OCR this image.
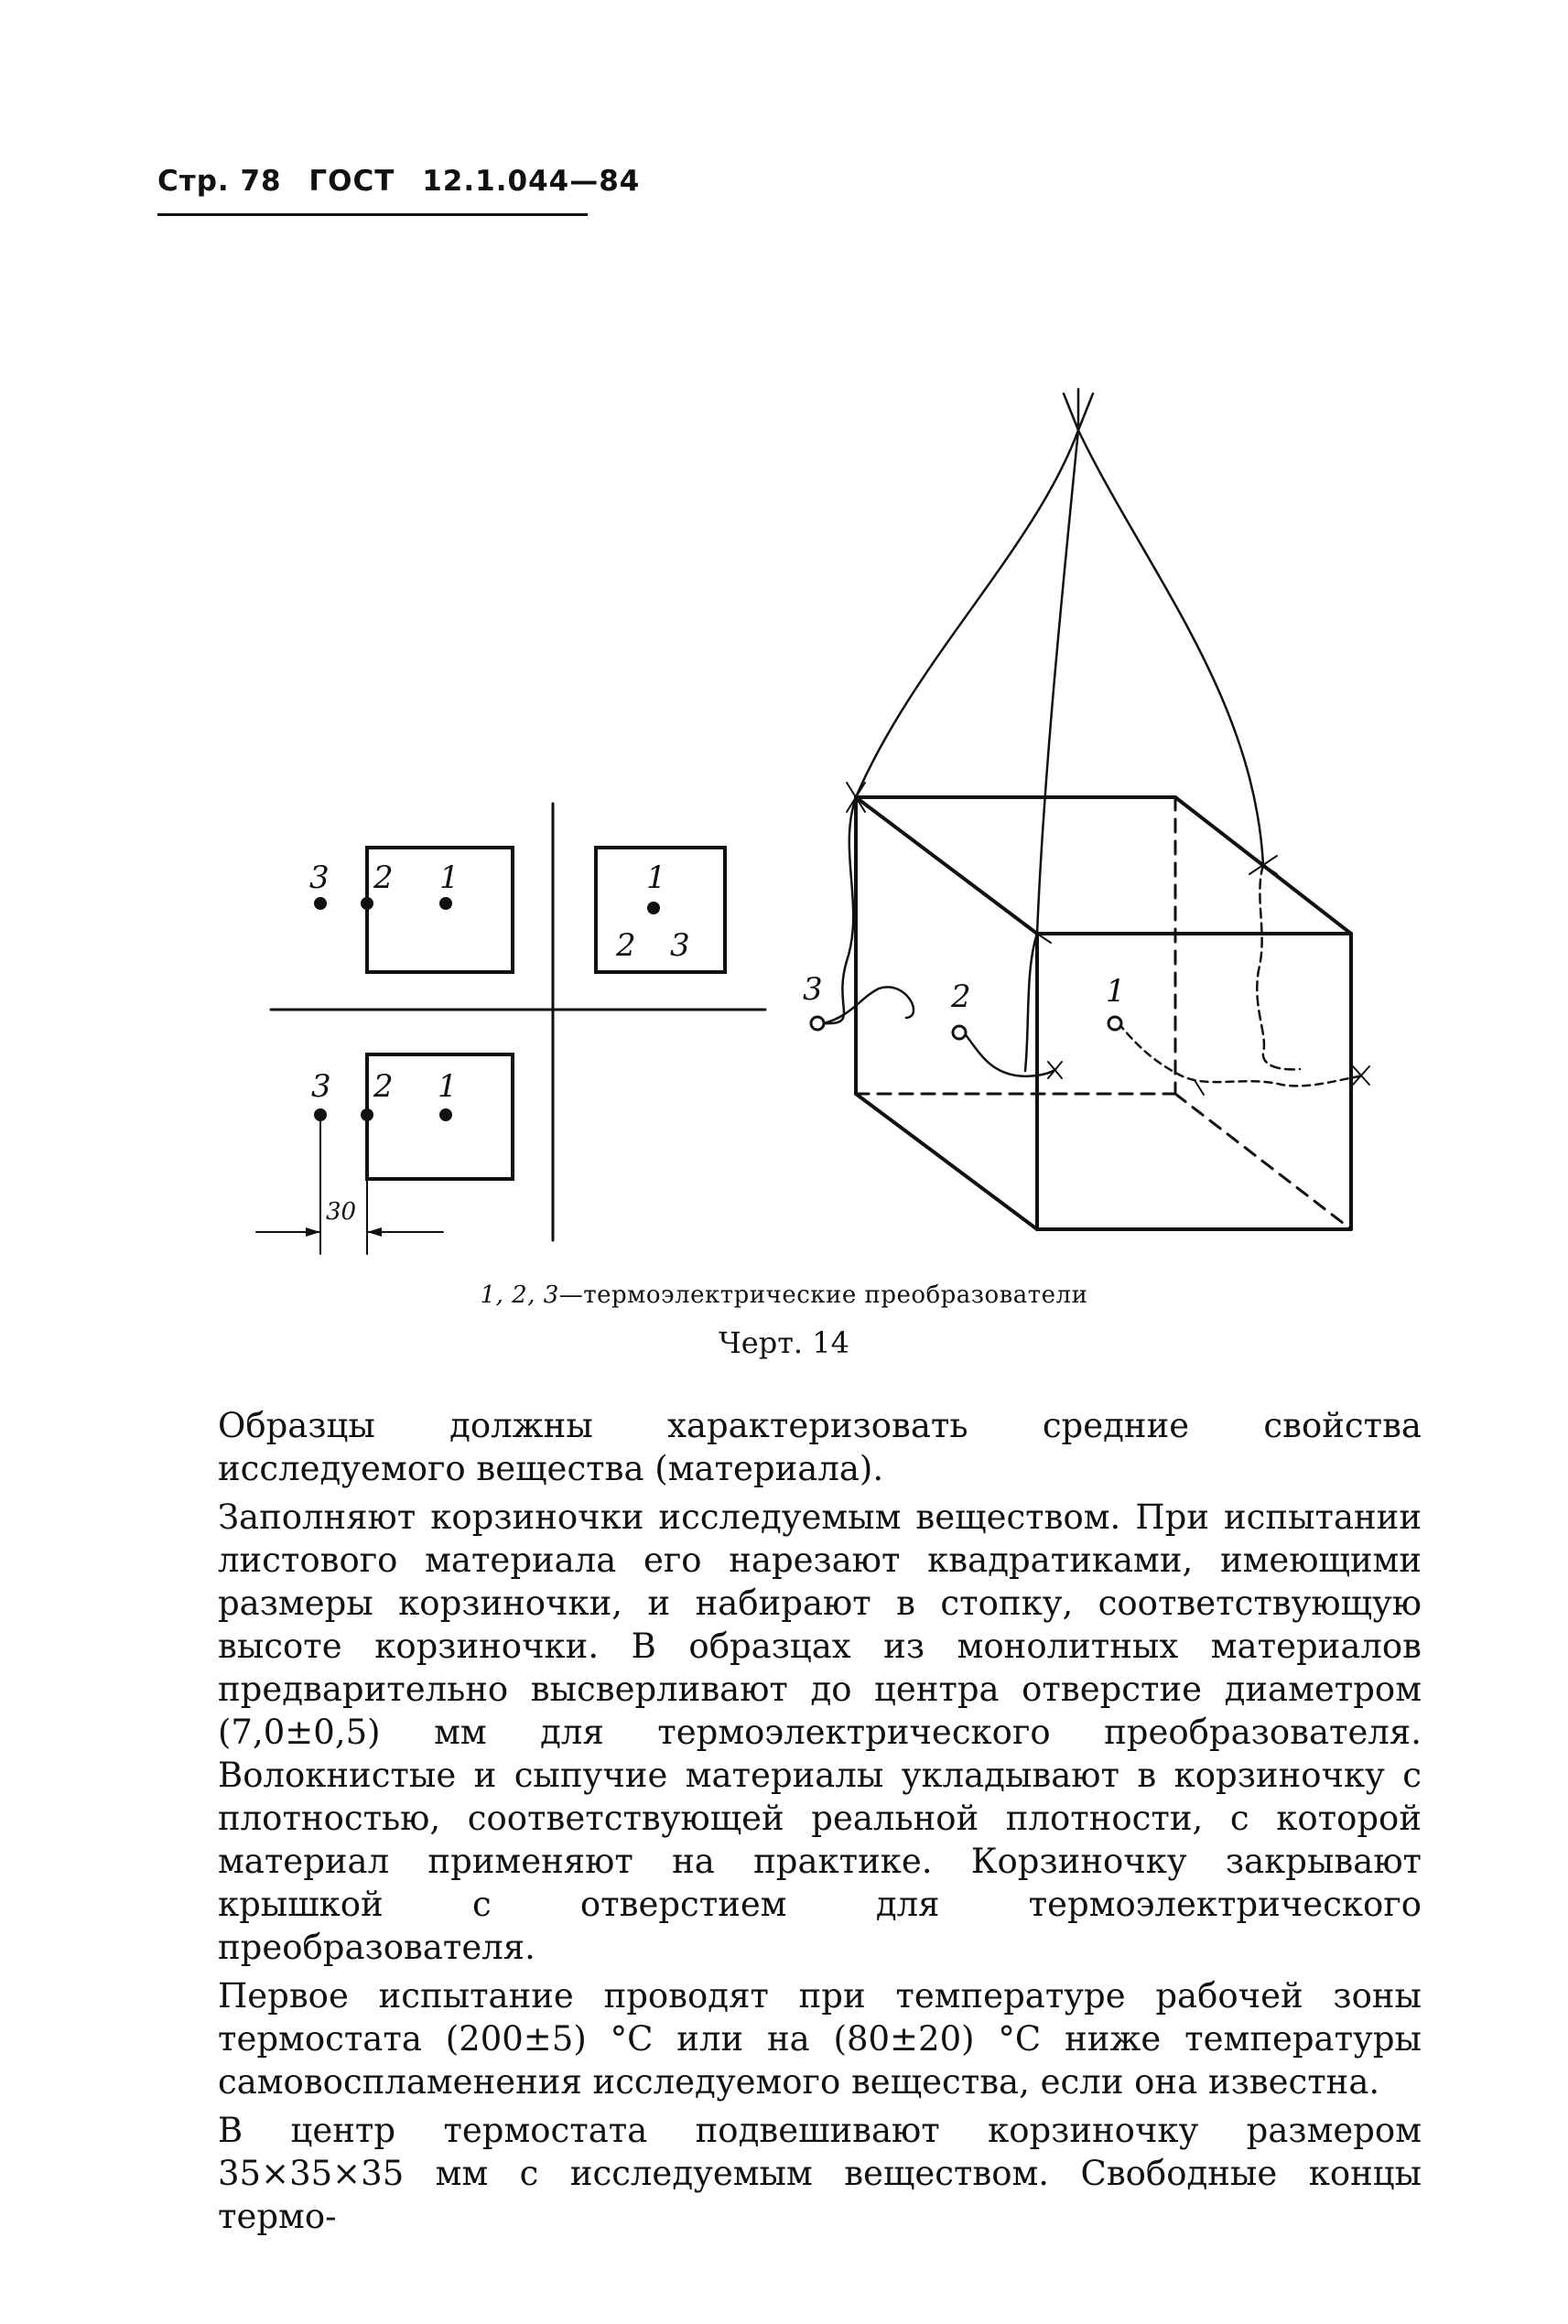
Стр. 78 ГОСТ 12.1.044—84
3 2 1	1
2 3
3 2 1
30
3	2	1
1, 2, 3—термоэлектрические преобразователи
Черт. 14

Образцы должны характеризовать средние свойства исследуемого вещества (материала).

Заполняют корзиночки исследуемым веществом. При испытании листового материала его нарезают квадратиками, имеющими размеры корзиночки, и набирают в стопку, соответствующую высоте корзиночки. В образцах из монолитных материалов предварительно высверливают до центра отверстие диаметром (7,0±0,5) мм для термоэлектрического преобразователя. Волокнистые и сыпучие материалы укладывают в корзиночку с плотностью, соответствующей реальной плотности, с которой материал применяют на практике. Корзиночку закрывают крышкой с отверстием для термоэлектрического преобразователя.

Первое испытание проводят при температуре рабочей зоны термостата (200±5) °С или на (80±20) °С ниже температуры самовоспламенения исследуемого вещества, если она известна.

В центр термостата подвешивают корзиночку размером 35×35×35 мм с исследуемым веществом. Свободные концы термо-
